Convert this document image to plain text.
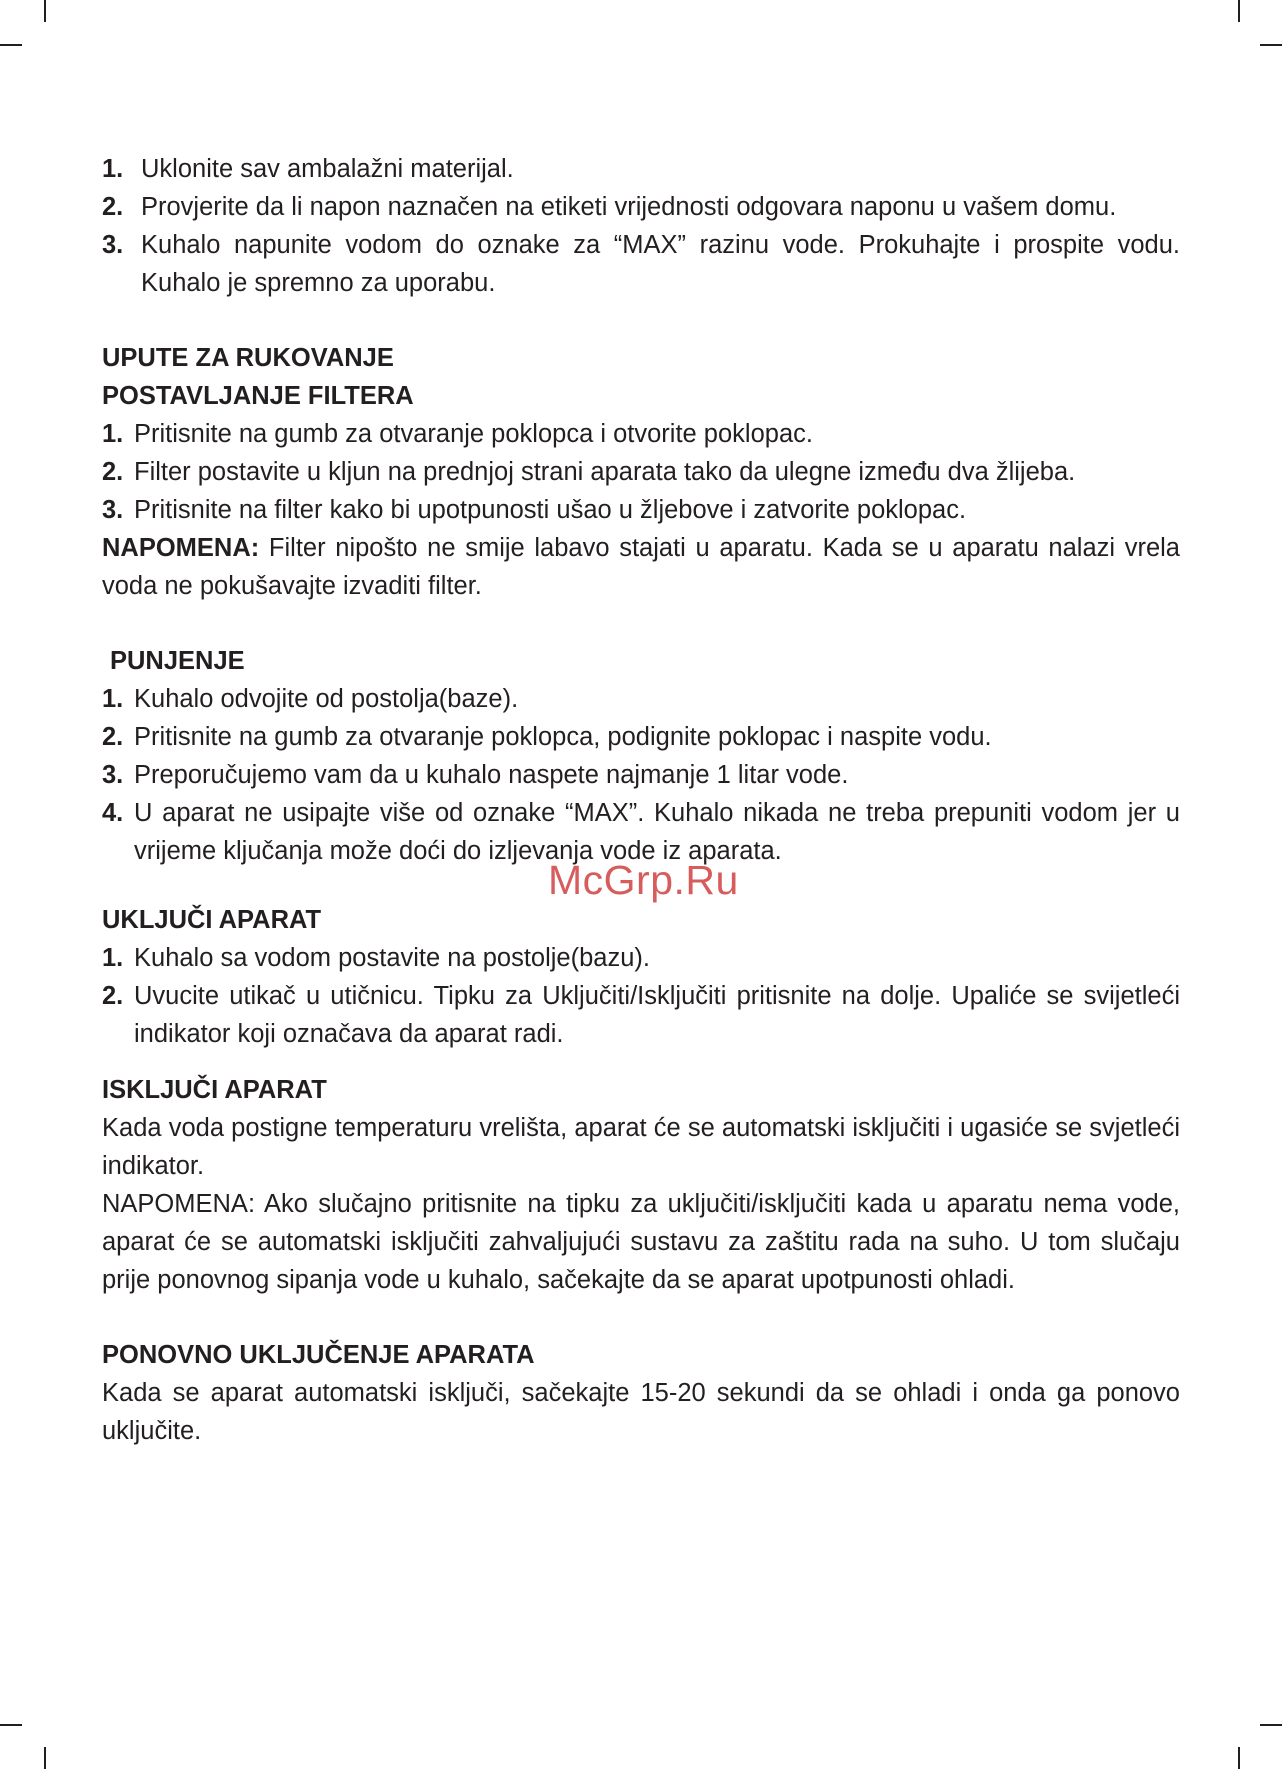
1. Uklonite sav ambalažni materijal.
2. Provjerite da li napon naznačen na etiketi vrijednosti odgovara naponu u vašem domu.
3. Kuhalo napunite vodom do oznake za “MAX” razinu vode. Prokuhajte i prospite vodu. Kuhalo je spremno za uporabu.

UPUTE ZA RUKOVANJE

POSTAVLJANJE FILTERA

1. Pritisnite na gumb za otvaranje poklopca i otvorite poklopac.
2. Filter postavite u kljun na prednjoj strani aparata tako da ulegne između dva žlijeba.
3. Pritisnite na filter kako bi upotpunosti ušao u žljebove i zatvorite poklopac.

NAPOMENA: Filter nipošto ne smije labavo stajati u aparatu. Kada se u aparatu nalazi vrela voda ne pokušavajte izvaditi filter.

PUNJENJE

1. Kuhalo odvojite od postolja(baze).
2. Pritisnite na gumb za otvaranje poklopca, podignite poklopac i naspite vodu.
3. Preporučujemo vam da u kuhalo naspete najmanje 1 litar vode.
4. U aparat ne usipajte više od oznake “MAX”. Kuhalo nikada ne treba prepuniti vodom jer u vrijeme ključanja može doći do izljevanja vode iz aparata.

UKLJUČI APARAT

1. Kuhalo sa vodom postavite na postolje(bazu).
2. Uvucite utikač u utičnicu. Tipku za Uključiti/Isključiti pritisnite na dolje. Upaliće se svijetleći indikator koji označava da aparat radi.

ISKLJUČI APARAT

Kada voda postigne temperaturu vrelišta, aparat će se automatski isključiti i ugasiće se svjetleći indikator.

NAPOMENA: Ako slučajno pritisnite na tipku za uključiti/isključiti kada u aparatu nema vode, aparat će se automatski isključiti zahvaljujući sustavu za zaštitu rada na suho. U tom slučaju prije ponovnog sipanja vode u kuhalo, sačekajte da se aparat upotpunosti ohladi.

PONOVNO UKLJUČENJE APARATA

Kada se aparat automatski isključi, sačekajte 15-20 sekundi da se ohladi i onda ga ponovo uključite.

McGrp.Ru
